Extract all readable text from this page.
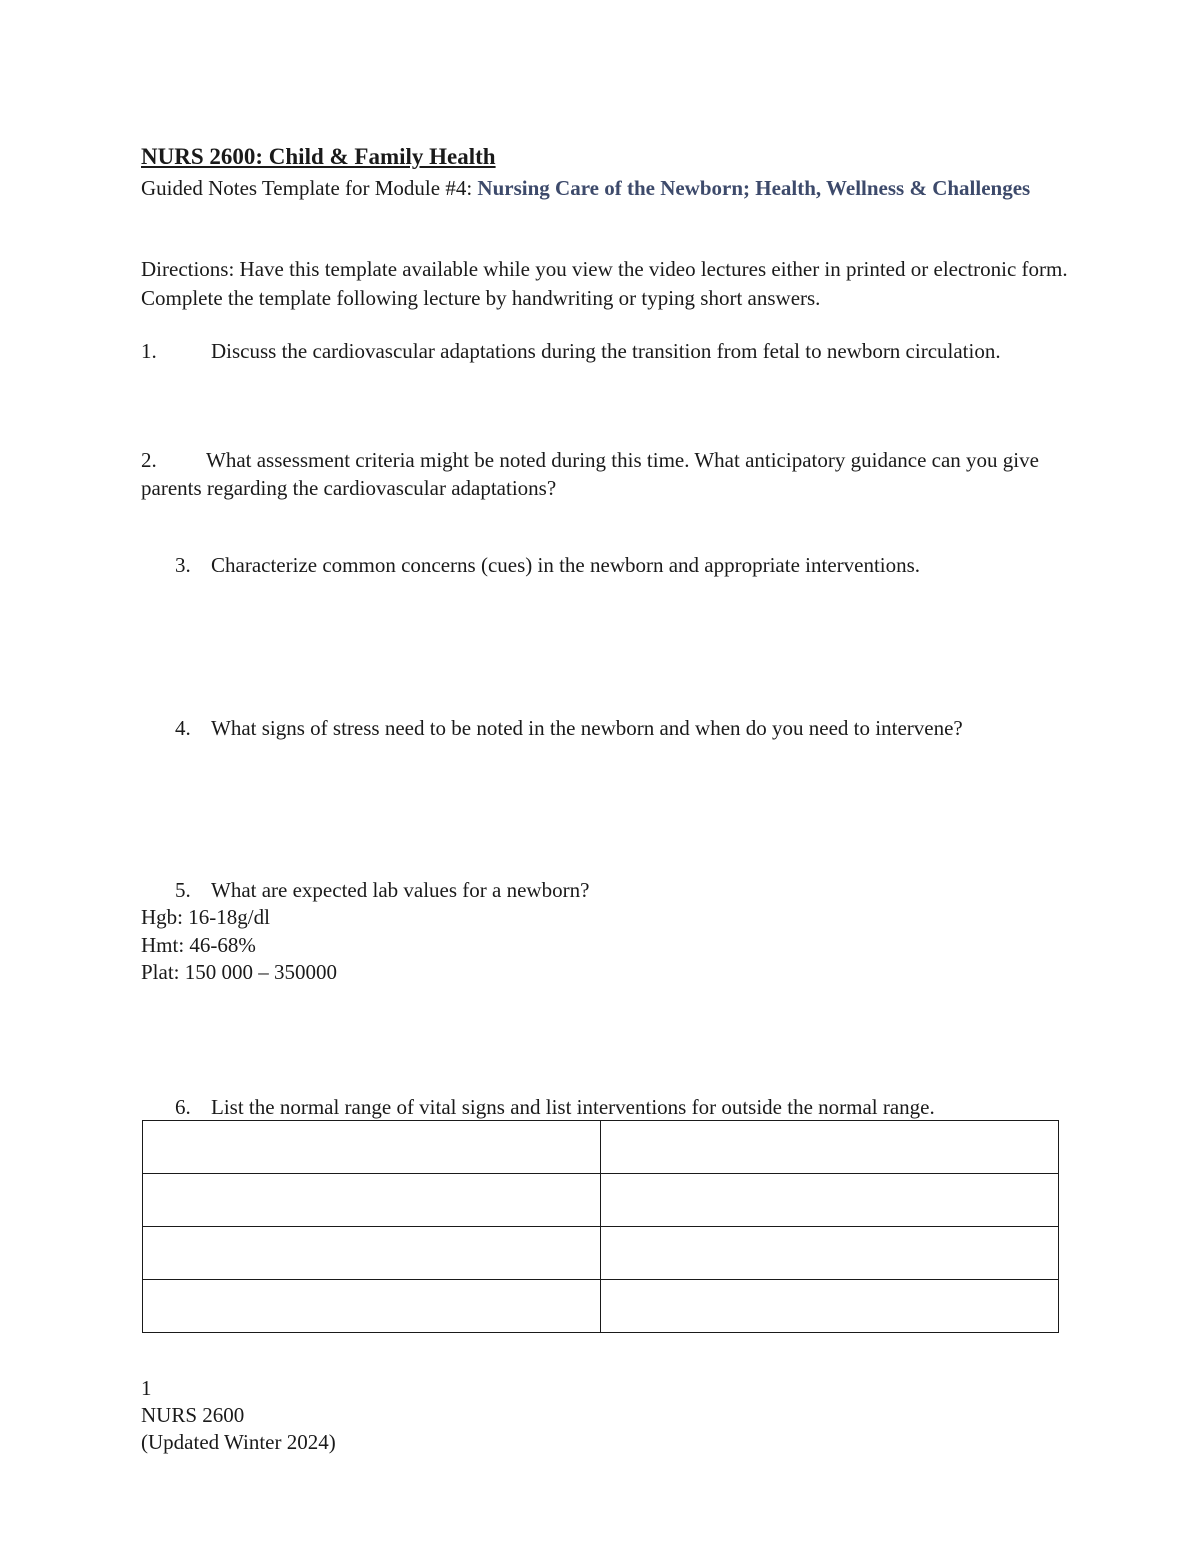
NURS 2600: Child & Family Health
Guided Notes Template for Module #4: Nursing Care of the Newborn; Health, Wellness & Challenges
Directions: Have this template available while you view the video lectures either in printed or electronic form. Complete the template following lecture by handwriting or typing short answers.
1.	Discuss the cardiovascular adaptations during the transition from fetal to newborn circulation.
2. What assessment criteria might be noted during this time. What anticipatory guidance can you give parents regarding the cardiovascular adaptations?
3. Characterize common concerns (cues) in the newborn and appropriate interventions.
4. What signs of stress need to be noted in the newborn and when do you need to intervene?
5. What are expected lab values for a newborn?
Hgb: 16-18g/dl
Hmt: 46-68%
Plat: 150 000 – 350000
6. List the normal range of vital signs and list interventions for outside the normal range.

1
NURS 2600
(Updated Winter 2024)
